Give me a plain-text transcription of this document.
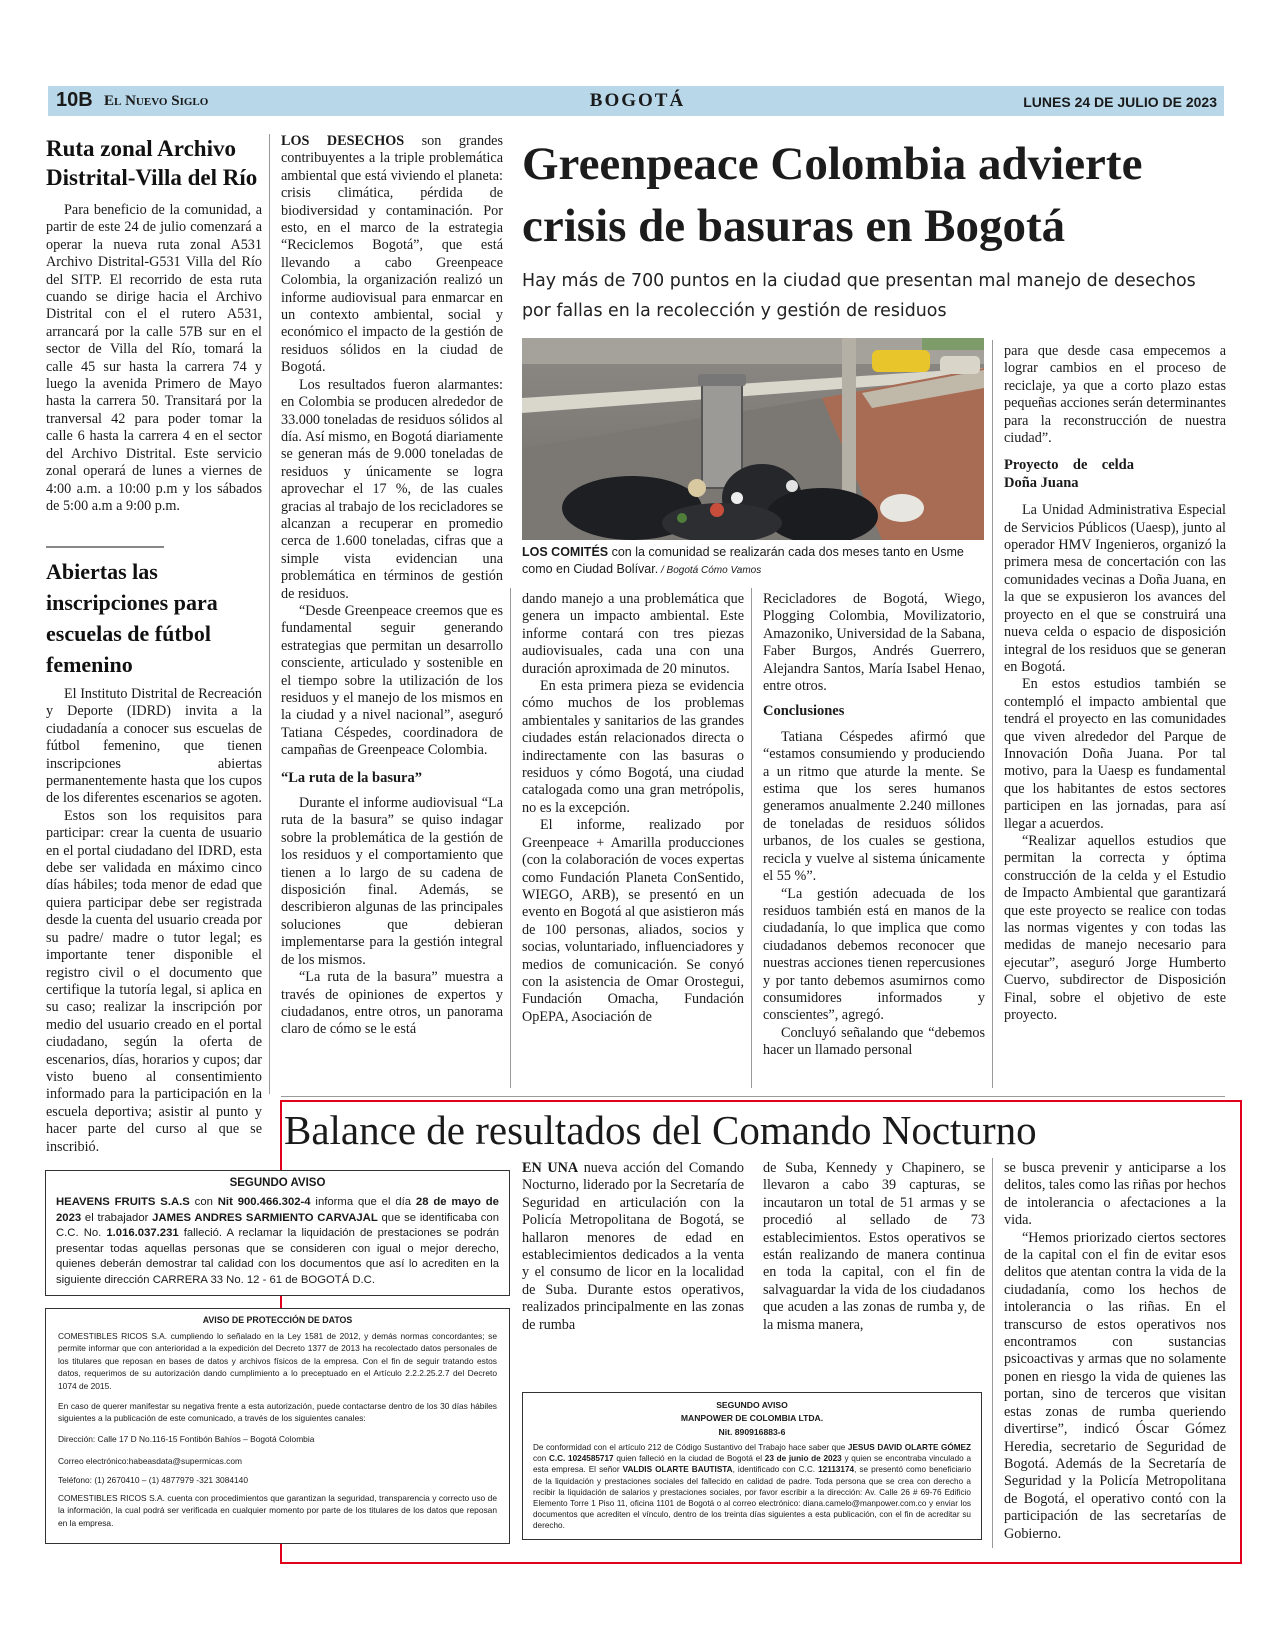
10B El Nuevo Siglo	BOGOTÁ	LUNES 24 DE JULIO DE 2023
Ruta zonal Archivo Distrital-Villa del Río

Para beneficio de la comunidad, a partir de este 24 de julio comenzará a operar la nueva ruta zonal A531 Archivo Distrital-G531 Villa del Río del SITP. El recorrido de esta ruta cuando se dirige hacia el Archivo Distrital con el el rutero A531, arrancará por la calle 57B sur en el sector de Villa del Río, tomará la calle 45 sur hasta la carrera 74 y luego la avenida Primero de Mayo hasta la carrera 50. Transitará por la tranversal 42 para poder tomar la calle 6 hasta la carrera 4 en el sector del Archivo Distrital. Este servicio zonal operará de lunes a viernes de 4:00 a.m. a 10:00 p.m y los sábados de 5:00 a.m a 9:00 p.m.

Abiertas las inscripciones para escuelas de fútbol femenino

El Instituto Distrital de Recreación y Deporte (IDRD) invita a la ciudadanía a conocer sus escuelas de fútbol femenino, que tienen inscripciones abiertas permanentemente hasta que los cupos de los diferentes escenarios se agoten.

Estos son los requisitos para participar: crear la cuenta de usuario en el portal ciudadano del IDRD, esta debe ser validada en máximo cinco días hábiles; toda menor de edad que quiera participar debe ser registrada desde la cuenta del usuario creada por su padre/ madre o tutor legal; es importante tener disponible el registro civil o el documento que certifique la tutoría legal, si aplica en su caso; realizar la inscripción por medio del usuario creado en el portal ciudadano, según la oferta de escenarios, días, horarios y cupos; dar visto bueno al consentimiento informado para la participación en la escuela deportiva; asistir al punto y hacer parte del curso al que se inscribió.

Greenpeace Colombia advierte crisis de basuras en Bogotá
Hay más de 700 puntos en la ciudad que presentan mal manejo de desechos por fallas en la recolección y gestión de residuos
LOS COMITÉS con la comunidad se realizarán cada dos meses tanto en Usme como en Ciudad Bolívar. / Bogotá Cómo Vamos

LOS DESECHOS son grandes contribuyentes a la triple problemática ambiental que está viviendo el planeta: crisis climática, pérdida de biodiversidad y contaminación. Por esto, en el marco de la estrategia “Reciclemos Bogotá”, que está llevando a cabo Greenpeace Colombia, la organización realizó un informe audiovisual para enmarcar en un contexto ambiental, social y económico el impacto de la gestión de residuos sólidos en la ciudad de Bogotá.

Los resultados fueron alarmantes: en Colombia se producen alrededor de 33.000 toneladas de residuos sólidos al día. Así mismo, en Bogotá diariamente se generan más de 9.000 toneladas de residuos y únicamente se logra aprovechar el 17 %, de las cuales gracias al trabajo de los recicladores se alcanzan a recuperar en promedio cerca de 1.600 toneladas, cifras que a simple vista evidencian una problemática en términos de gestión de residuos.

“Desde Greenpeace creemos que es fundamental seguir generando estrategias que permitan un desarrollo consciente, articulado y sostenible en el tiempo sobre la utilización de los residuos y el manejo de los mismos en la ciudad y a nivel nacional”, aseguró Tatiana Céspedes, coordinadora de campañas de Greenpeace Colombia.

“La ruta de la basura”

Durante el informe audiovisual “La ruta de la basura” se quiso indagar sobre la problemática de la gestión de los residuos y el comportamiento que tienen a lo largo de su cadena de disposición final. Además, se describieron algunas de las principales soluciones que debieran implementarse para la gestión integral de los mismos.

“La ruta de la basura” muestra a través de opiniones de expertos y ciudadanos, entre otros, un panorama claro de cómo se le está

dando manejo a una problemática que genera un impacto ambiental. Este informe contará con tres piezas audiovisuales, cada una con una duración aproximada de 20 minutos.

En esta primera pieza se evidencia cómo muchos de los problemas ambientales y sanitarios de las grandes ciudades están relacionados directa o indirectamente con las basuras o residuos y cómo Bogotá, una ciudad catalogada como una gran metrópolis, no es la excepción.

El informe, realizado por Greenpeace + Amarilla producciones (con la colaboración de voces expertas como Fundación Planeta ConSentido, WIEGO, ARB), se presentó en un evento en Bogotá al que asistieron más de 100 personas, aliados, socios y socias, voluntariado, influenciadores y medios de comunicación. Se conyó con la asistencia de Omar Orostegui, Fundación Omacha, Fundación OpEPA, Asociación de

Recicladores de Bogotá, Wiego, Plogging Colombia, Movilizatorio, Amazoniko, Universidad de la Sabana, Faber Burgos, Andrés Guerrero, Alejandra Santos, María Isabel Henao, entre otros.

Conclusiones

Tatiana Céspedes afirmó que “estamos consumiendo y produciendo a un ritmo que aturde la mente. Se estima que los seres humanos generamos anualmente 2.240 millones de toneladas de residuos sólidos urbanos, de los cuales se gestiona, recicla y vuelve al sistema únicamente el 55 %”.

“La gestión adecuada de los residuos también está en manos de la ciudadanía, lo que implica que como ciudadanos debemos reconocer que nuestras acciones tienen repercusiones y por tanto debemos asumirnos como consumidores informados y conscientes”, agregó.

Concluyó señalando que “debemos hacer un llamado personal

para que desde casa empecemos a lograr cambios en el proceso de reciclaje, ya que a corto plazo estas pequeñas acciones serán determinantes para la reconstrucción de nuestra ciudad”.

Proyecto de celda Doña Juana

La Unidad Administrativa Especial de Servicios Públicos (Uaesp), junto al operador HMV Ingenieros, organizó la primera mesa de concertación con las comunidades vecinas a Doña Juana, en la que se expusieron los avances del proyecto en el que se construirá una nueva celda o espacio de disposición integral de los residuos que se generan en Bogotá.

En estos estudios también se contempló el impacto ambiental que tendrá el proyecto en las comunidades que viven alrededor del Parque de Innovación Doña Juana. Por tal motivo, para la Uaesp es fundamental que los habitantes de estos sectores participen en las jornadas, para así llegar a acuerdos.

“Realizar aquellos estudios que permitan la correcta y óptima construcción de la celda y el Estudio de Impacto Ambiental que garantizará que este proyecto se realice con todas las normas vigentes y con todas las medidas de manejo necesario para ejecutar”, aseguró Jorge Humberto Cuervo, subdirector de Disposición Final, sobre el objetivo de este proyecto.

Balance de resultados del Comando Nocturno

EN UNA nueva acción del Comando Nocturno, liderado por la Secretaría de Seguridad en articulación con la Policía Metropolitana de Bogotá, se hallaron menores de edad en establecimientos dedicados a la venta y el consumo de licor en la localidad de Suba. Durante estos operativos, realizados principalmente en las zonas de rumba

de Suba, Kennedy y Chapinero, se llevaron a cabo 39 capturas, se incautaron un total de 51 armas y se procedió al sellado de 73 establecimientos. Estos operativos se están realizando de manera continua en toda la capital, con el fin de salvaguardar la vida de los ciudadanos que acuden a las zonas de rumba y, de la misma manera,

se busca prevenir y anticiparse a los delitos, tales como las riñas por hechos de intolerancia o afectaciones a la vida.

“Hemos priorizado ciertos sectores de la capital con el fin de evitar esos delitos que atentan contra la vida de la ciudadanía, como los hechos de intolerancia o las riñas. En el transcurso de estos operativos nos encontramos con sustancias psicoactivas y armas que no solamente ponen en riesgo la vida de quienes las portan, sino de terceros que visitan estas zonas de rumba queriendo divertirse”, indicó Óscar Gómez Heredia, secretario de Seguridad de Bogotá. Además de la Secretaría de Seguridad y la Policía Metropolitana de Bogotá, el operativo contó con la participación de las secretarías de Gobierno.

SEGUNDO AVISO
HEAVENS FRUITS S.A.S con Nit 900.466.302-4 informa que el día 28 de mayo de 2023 el trabajador JAMES ANDRES SARMIENTO CARVAJAL que se identificaba con C.C. No. 1.016.037.231 falleció. A reclamar la liquidación de prestaciones se podrán presentar todas aquellas personas que se consideren con igual o mejor derecho, quienes deberán demostrar tal calidad con los documentos que así lo acrediten en la siguiente dirección CARRERA 33 No. 12 - 61 de BOGOTÁ D.C.
AVISO DE PROTECCIÓN DE DATOS
COMESTIBLES RICOS S.A. cumpliendo lo señalado en la Ley 1581 de 2012, y demás normas concordantes; se permite informar que con anterioridad a la expedición del Decreto 1377 de 2013 ha recolectado datos personales de los titulares que reposan en bases de datos y archivos físicos de la empresa. Con el fin de seguir tratando estos datos, requerimos de su autorización dando cumplimiento a lo preceptuado en el Artículo 2.2.2.25.2.7 del Decreto 1074 de 2015.
En caso de querer manifestar su negativa frente a esta autorización, puede contactarse dentro de los 30 días hábiles siguientes a la publicación de este comunicado, a través de los siguientes canales:
Dirección: Calle 17 D No.116-15 Fontibón Bahíos – Bogotá Colombia
Correo electrónico:habeasdata@supermicas.com
Teléfono: (1) 2670410 – (1) 4877979 -321 3084140
COMESTIBLES RICOS S.A. cuenta con procedimientos que garantizan la seguridad, transparencia y correcto uso de la información, la cual podrá ser verificada en cualquier momento por parte de los titulares de los datos que reposan en la empresa.
SEGUNDO AVISO
MANPOWER DE COLOMBIA LTDA.
Nit. 890916883-6
De conformidad con el artículo 212 de Código Sustantivo del Trabajo hace saber que JESUS DAVID OLARTE GÓMEZ con C.C. 1024585717 quien falleció en la ciudad de Bogotá el 23 de junio de 2023 y quien se encontraba vinculado a esta empresa. El señor VALDIS OLARTE BAUTISTA, identificado con C.C. 12113174, se presentó como beneficiario de la liquidación y prestaciones sociales del fallecido en calidad de padre. Toda persona que se crea con derecho a recibir la liquidación de salarios y prestaciones sociales, por favor escribir a la dirección: Av. Calle 26 # 69-76 Edificio Elemento Torre 1 Piso 11, oficina 1101 de Bogotá o al correo electrónico: diana.camelo@manpower.com.co y enviar los documentos que acrediten el vínculo, dentro de los treinta días siguientes a esta publicación, con el fin de acreditar su derecho.
